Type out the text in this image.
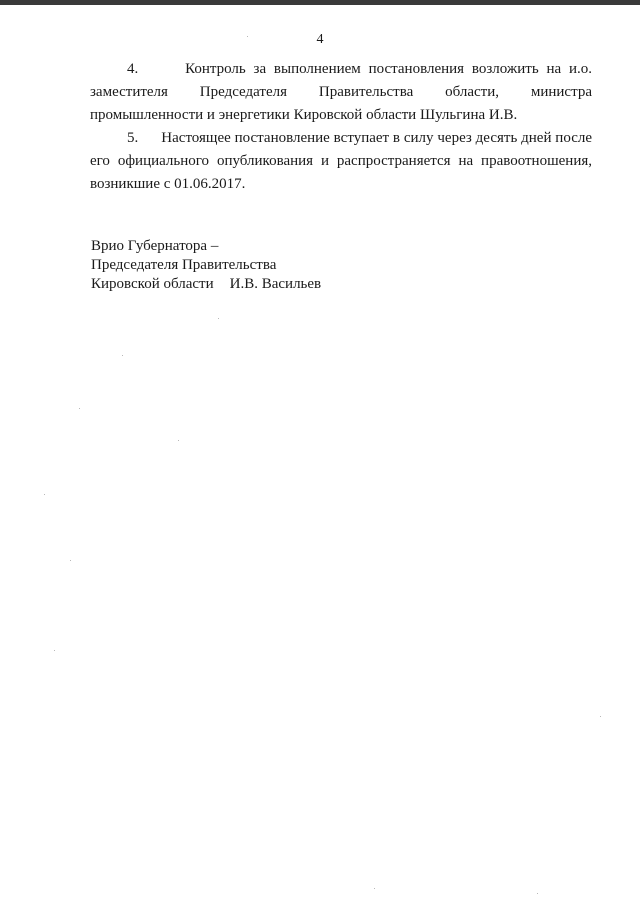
4

4.	Контроль за выполнением постановления возложить на и.о. заместителя Председателя Правительства области, министра промышленности и энергетики Кировской области Шульгина И.В.

5. Настоящее постановление вступает в силу через десять дней после его официального опубликования и распространяется на правоотношения, возникшие с 01.06.2017.

Врио Губернатора –
Председателя Правительства
Кировской области И.В. Васильев
